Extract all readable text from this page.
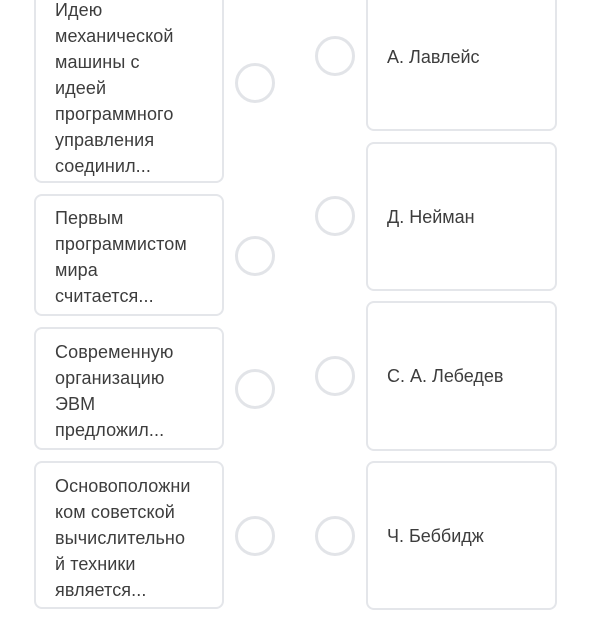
Идею
механической
машины с
идеей
программного
управления
соединил...
Первым
программистом
мира
считается...
Современную
организацию
ЭВМ
предложил...
Основоположни
ком советской
вычислительно
й техники
является...
А. Лавлейс
Д. Нейман
С. А. Лебедев
Ч. Беббидж
